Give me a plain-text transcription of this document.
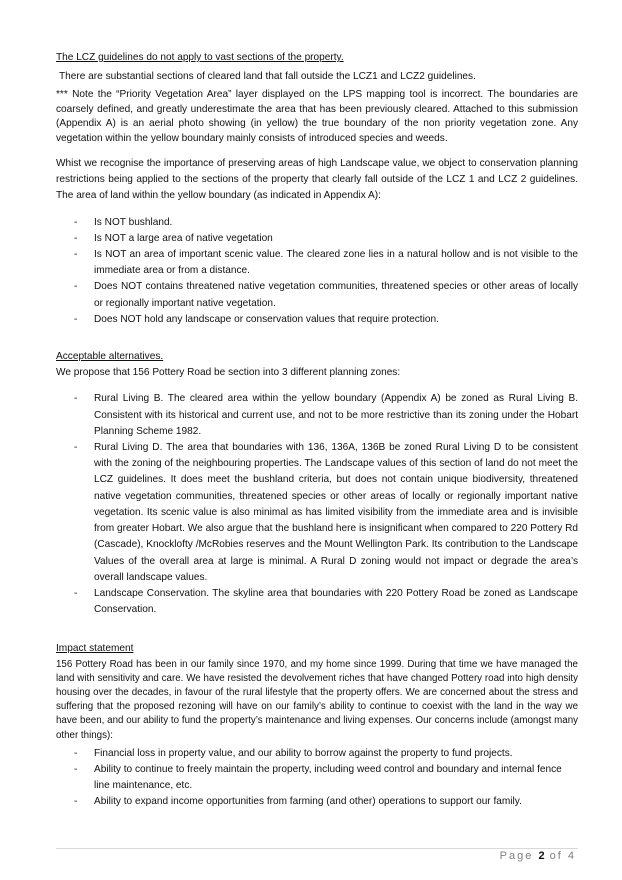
The LCZ guidelines do not apply to vast sections of the property.

There are substantial sections of cleared land that fall outside the LCZ1 and LCZ2 guidelines.

*** Note the “Priority Vegetation Area” layer displayed on the LPS mapping tool is incorrect. The boundaries are coarsely defined, and greatly underestimate the area that has been previously cleared. Attached to this submission (Appendix A) is an aerial photo showing (in yellow) the true boundary of the non priority vegetation zone. Any vegetation within the yellow boundary mainly consists of introduced species and weeds.

Whist we recognise the importance of preserving areas of high Landscape value, we object to conservation planning restrictions being applied to the sections of the property that clearly fall outside of the LCZ 1 and LCZ 2 guidelines. The area of land within the yellow boundary (as indicated in Appendix A):

- Is NOT bushland.
- Is NOT a large area of native vegetation
- Is NOT an area of important scenic value. The cleared zone lies in a natural hollow and is not visible to the immediate area or from a distance.
- Does NOT contains threatened native vegetation communities, threatened species or other areas of locally or regionally important native vegetation.
- Does NOT hold any landscape or conservation values that require protection.

Acceptable alternatives.

We propose that 156 Pottery Road be section into 3 different planning zones:

- Rural Living B. The cleared area within the yellow boundary (Appendix A) be zoned as Rural Living B. Consistent with its historical and current use, and not to be more restrictive than its zoning under the Hobart Planning Scheme 1982.
- Rural Living D. The area that boundaries with 136, 136A, 136B be zoned Rural Living D to be consistent with the zoning of the neighbouring properties. The Landscape values of this section of land do not meet the LCZ guidelines. It does meet the bushland criteria, but does not contain unique biodiversity, threatened native vegetation communities, threatened species or other areas of locally or regionally important native vegetation. Its scenic value is also minimal as has limited visibility from the immediate area and is invisible from greater Hobart. We also argue that the bushland here is insignificant when compared to 220 Pottery Rd (Cascade), Knocklofty /McRobies reserves and the Mount Wellington Park. Its contribution to the Landscape Values of the overall area at large is minimal. A Rural D zoning would not impact or degrade the area’s overall landscape values.
- Landscape Conservation. The skyline area that boundaries with 220 Pottery Road be zoned as Landscape Conservation.

Impact statement

156 Pottery Road has been in our family since 1970, and my home since 1999. During that time we have managed the land with sensitivity and care. We have resisted the devolvement riches that have changed Pottery road into high density housing over the decades, in favour of the rural lifestyle that the property offers. We are concerned about the stress and suffering that the proposed rezoning will have on our family’s ability to continue to coexist with the land in the way we have been, and our ability to fund the property’s maintenance and living expenses. Our concerns include (amongst many other things):

- Financial loss in property value, and our ability to borrow against the property to fund projects.
- Ability to continue to freely maintain the property, including weed control and boundary and internal fence line maintenance, etc.
- Ability to expand income opportunities from farming (and other) operations to support our family.
Page 2 of 4
